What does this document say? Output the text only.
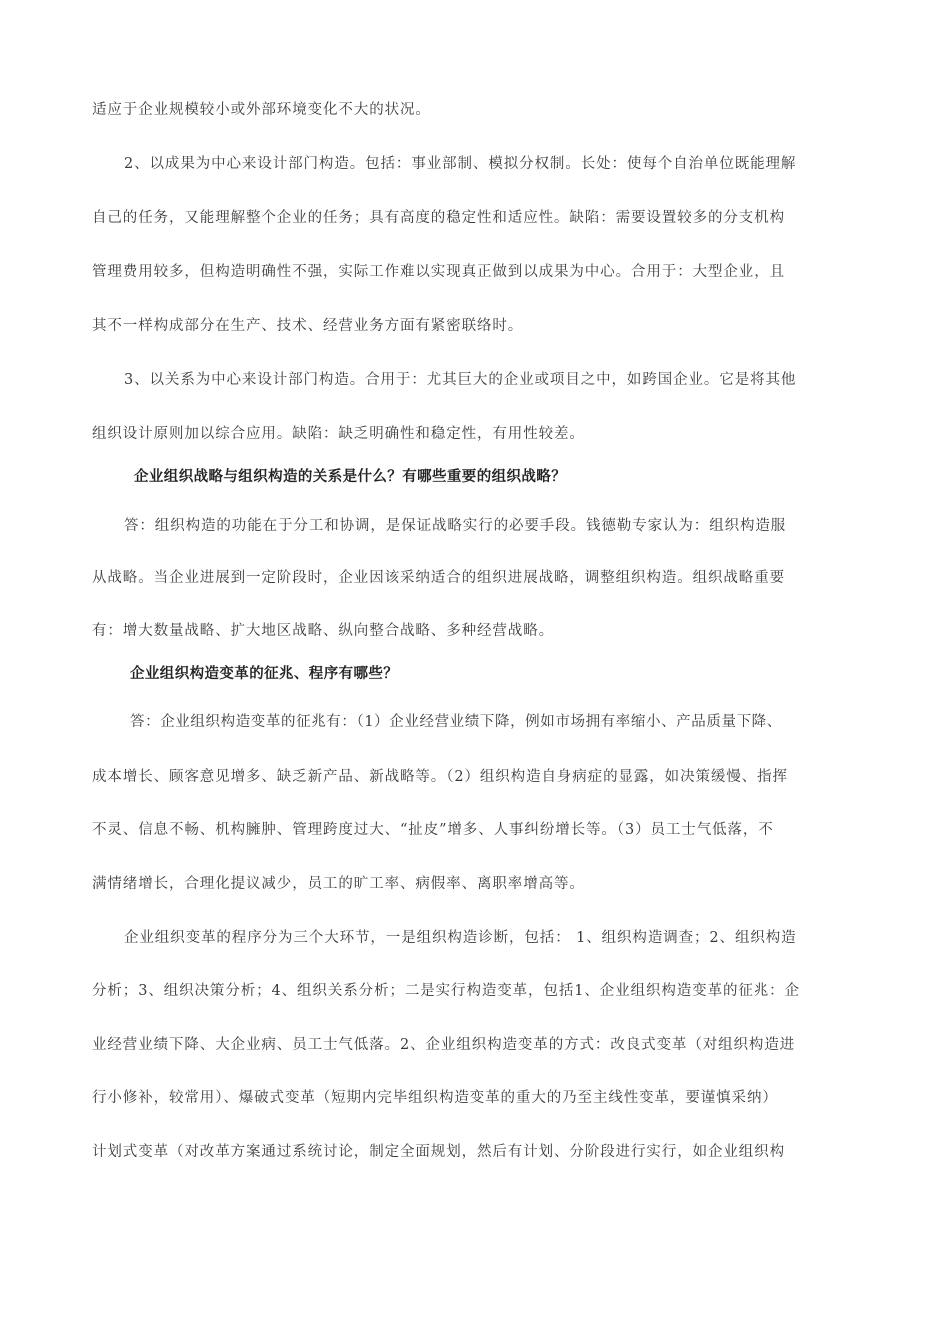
适应于企业规模较小或外部环境变化不大的状况。
2、以成果为中心来设计部门构造。包括：事业部制、模拟分权制。长处：使每个自治单位既能理解
自己的任务，又能理解整个企业的任务；具有高度的稳定性和适应性。缺陷：需要设置较多的分支机构
管理费用较多，但构造明确性不强，实际工作难以实现真正做到以成果为中心。合用于：大型企业，且
其不一样构成部分在生产、技术、经营业务方面有紧密联络时。
3、以关系为中心来设计部门构造。合用于：尤其巨大的企业或项目之中，如跨国企业。它是将其他
组织设计原则加以综合应用。缺陷：缺乏明确性和稳定性，有用性较差。
企业组织战略与组织构造的关系是什么？有哪些重要的组织战略？
答：组织构造的功能在于分工和协调，是保证战略实行的必要手段。钱德勒专家认为：组织构造服
从战略。当企业进展到一定阶段时，企业因该采纳适合的组织进展战略，调整组织构造。组织战略重要
有：增大数量战略、扩大地区战略、纵向整合战略、多种经营战略。
企业组织构造变革的征兆、程序有哪些？
答：企业组织构造变革的征兆有：（1）企业经营业绩下降，例如市场拥有率缩小、产品质量下降、
成本增长、顾客意见增多、缺乏新产品、新战略等。（2）组织构造自身病症的显露，如决策缓慢、指挥
不灵、信息不畅、机构臃肿、管理跨度过大、“扯皮”增多、人事纠纷增长等。（3）员工士气低落，不
满情绪增长，合理化提议减少，员工的旷工率、病假率、离职率增高等。
企业组织变革的程序分为三个大环节，一是组织构造诊断，包括： 1、组织构造调查；2、组织构造
分析；3、组织决策分析；4、组织关系分析；二是实行构造变革，包括1、企业组织构造变革的征兆：企
业经营业绩下降、大企业病、员工士气低落。2、企业组织构造变革的方式：改良式变革（对组织构造进
行小修补，较常用）、爆破式变革（短期内完毕组织构造变革的重大的乃至主线性变革，要谨慎采纳）
计划式变革（对改革方案通过系统讨论，制定全面规划，然后有计划、分阶段进行实行，如企业组织构
